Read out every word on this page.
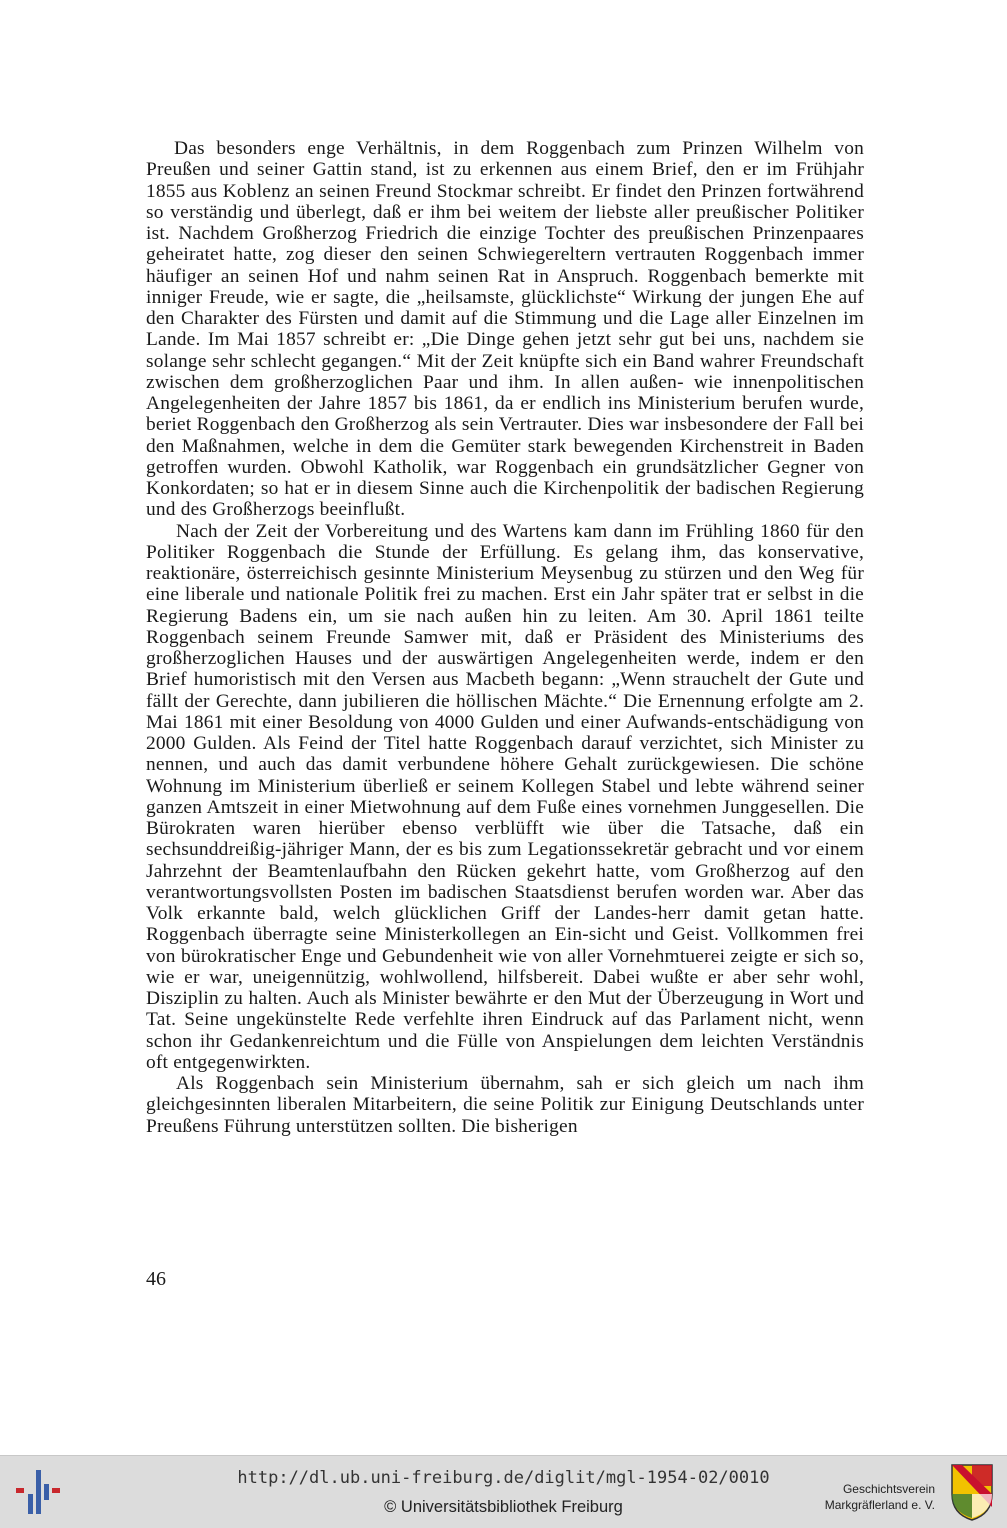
Das besonders enge Verhältnis, in dem Roggenbach zum Prinzen Wilhelm von Preußen und seiner Gattin stand, ist zu erkennen aus einem Brief, den er im Frühjahr 1855 aus Koblenz an seinen Freund Stockmar schreibt. Er findet den Prinzen fortwährend so verständig und überlegt, daß er ihm bei weitem der liebste aller preußischer Politiker ist. Nachdem Großherzog Friedrich die einzige Tochter des preußischen Prinzenpaares geheiratet hatte, zog dieser den seinen Schwiegereltern vertrauten Roggenbach immer häufiger an seinen Hof und nahm seinen Rat in Anspruch. Roggenbach bemerkte mit inniger Freude, wie er sagte, die „heilsamste, glücklichste“ Wirkung der jungen Ehe auf den Charakter des Fürsten und damit auf die Stimmung und die Lage aller Einzelnen im Lande. Im Mai 1857 schreibt er: „Die Dinge gehen jetzt sehr gut bei uns, nachdem sie solange sehr schlecht gegangen.“ Mit der Zeit knüpfte sich ein Band wahrer Freundschaft zwischen dem großherzoglichen Paar und ihm. In allen außen- wie innenpolitischen Angelegenheiten der Jahre 1857 bis 1861, da er endlich ins Ministerium berufen wurde, beriet Roggenbach den Großherzog als sein Vertrauter. Dies war insbesondere der Fall bei den Maßnahmen, welche in dem die Gemüter stark bewegenden Kirchenstreit in Baden getroffen wurden. Obwohl Katholik, war Roggenbach ein grundsätzlicher Gegner von Konkordaten; so hat er in diesem Sinne auch die Kirchenpolitik der badischen Regierung und des Großherzogs beeinflußt.

Nach der Zeit der Vorbereitung und des Wartens kam dann im Frühling 1860 für den Politiker Roggenbach die Stunde der Erfüllung. Es gelang ihm, das konservative, reaktionäre, österreichisch gesinnte Ministerium Meysenbug zu stürzen und den Weg für eine liberale und nationale Politik frei zu machen. Erst ein Jahr später trat er selbst in die Regierung Badens ein, um sie nach außen hin zu leiten. Am 30. April 1861 teilte Roggenbach seinem Freunde Samwer mit, daß er Präsident des Ministeriums des großherzoglichen Hauses und der auswärtigen Angelegenheiten werde, indem er den Brief humoristisch mit den Versen aus Macbeth begann: „Wenn strauchelt der Gute und fällt der Gerechte, dann jubilieren die höllischen Mächte.“ Die Ernennung erfolgte am 2. Mai 1861 mit einer Besoldung von 4000 Gulden und einer Aufwands-entschädigung von 2000 Gulden. Als Feind der Titel hatte Roggenbach darauf verzichtet, sich Minister zu nennen, und auch das damit verbundene höhere Gehalt zurückgewiesen. Die schöne Wohnung im Ministerium überließ er seinem Kollegen Stabel und lebte während seiner ganzen Amtszeit in einer Mietwohnung auf dem Fuße eines vornehmen Junggesellen. Die Bürokraten waren hierüber ebenso verblüfft wie über die Tatsache, daß ein sechsunddreißig-jähriger Mann, der es bis zum Legationssekretär gebracht und vor einem Jahrzehnt der Beamtenlaufbahn den Rücken gekehrt hatte, vom Großherzog auf den verantwortungsvollsten Posten im badischen Staatsdienst berufen worden war. Aber das Volk erkannte bald, welch glücklichen Griff der Landes-herr damit getan hatte. Roggenbach überragte seine Ministerkollegen an Ein-sicht und Geist. Vollkommen frei von bürokratischer Enge und Gebundenheit wie von aller Vornehmtuerei zeigte er sich so, wie er war, uneigennützig, wohlwollend, hilfsbereit. Dabei wußte er aber sehr wohl, Disziplin zu halten. Auch als Minister bewährte er den Mut der Überzeugung in Wort und Tat. Seine ungekünstelte Rede verfehlte ihren Eindruck auf das Parlament nicht, wenn schon ihr Gedankenreichtum und die Fülle von Anspielungen dem leichten Verständnis oft entgegenwirkten.

Als Roggenbach sein Ministerium übernahm, sah er sich gleich um nach ihm gleichgesinnten liberalen Mitarbeitern, die seine Politik zur Einigung Deutschlands unter Preußens Führung unterstützen sollten. Die bisherigen

46
http://dl.ub.uni-freiburg.de/diglit/mgl-1954-02/0010
© Universitätsbibliothek Freiburg
Geschichtsverein
Markgräflerland e. V.
